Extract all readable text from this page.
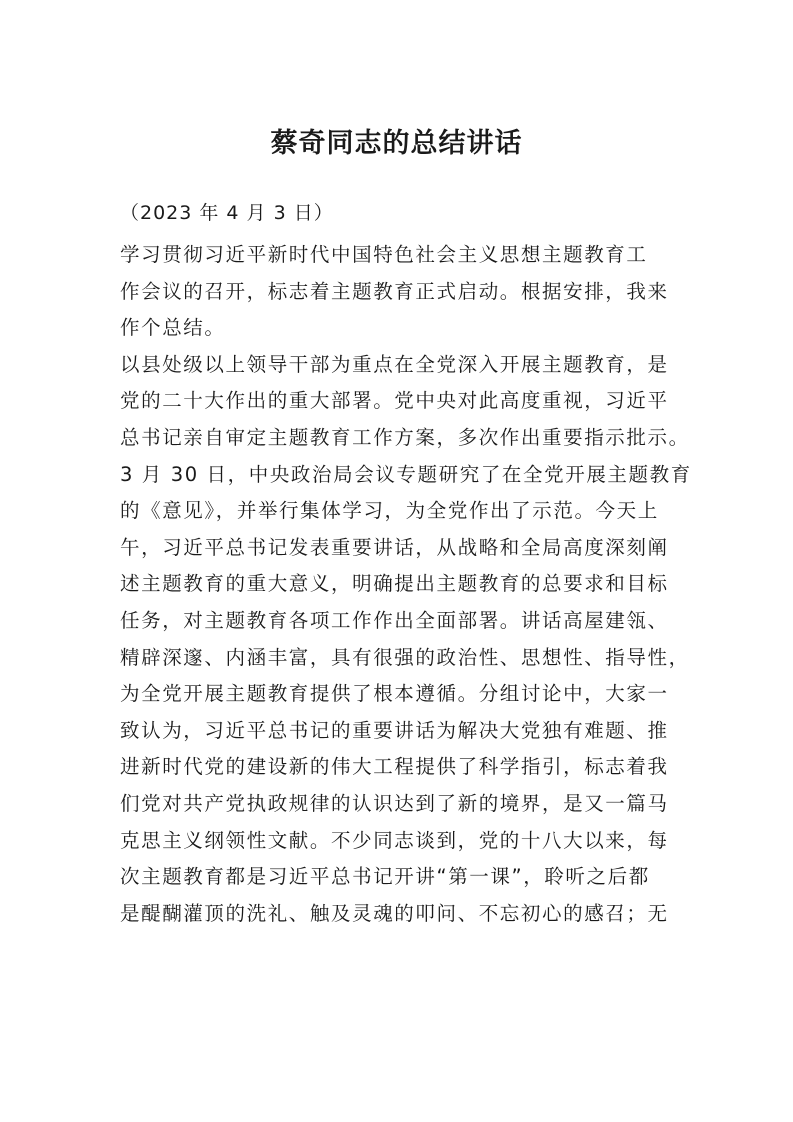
蔡奇同志的总结讲话

（2023 年 4 月 3 日）

学习贯彻习近平新时代中国特色社会主义思想主题教育工
作会议的召开，标志着主题教育正式启动。根据安排，我来
作个总结。
以县处级以上领导干部为重点在全党深入开展主题教育，是
党的二十大作出的重大部署。党中央对此高度重视，习近平
总书记亲自审定主题教育工作方案，多次作出重要指示批示。
3 月 30 日，中央政治局会议专题研究了在全党开展主题教育
的《意见》，并举行集体学习，为全党作出了示范。今天上
午，习近平总书记发表重要讲话，从战略和全局高度深刻阐
述主题教育的重大意义，明确提出主题教育的总要求和目标
任务，对主题教育各项工作作出全面部署。讲话高屋建瓴、
精辟深邃、内涵丰富，具有很强的政治性、思想性、指导性，
为全党开展主题教育提供了根本遵循。分组讨论中，大家一
致认为，习近平总书记的重要讲话为解决大党独有难题、推
进新时代党的建设新的伟大工程提供了科学指引，标志着我
们党对共产党执政规律的认识达到了新的境界，是又一篇马
克思主义纲领性文献。不少同志谈到，党的十八大以来，每
次主题教育都是习近平总书记开讲“第一课”，聆听之后都
是醍醐灌顶的洗礼、触及灵魂的叩问、不忘初心的感召；无
